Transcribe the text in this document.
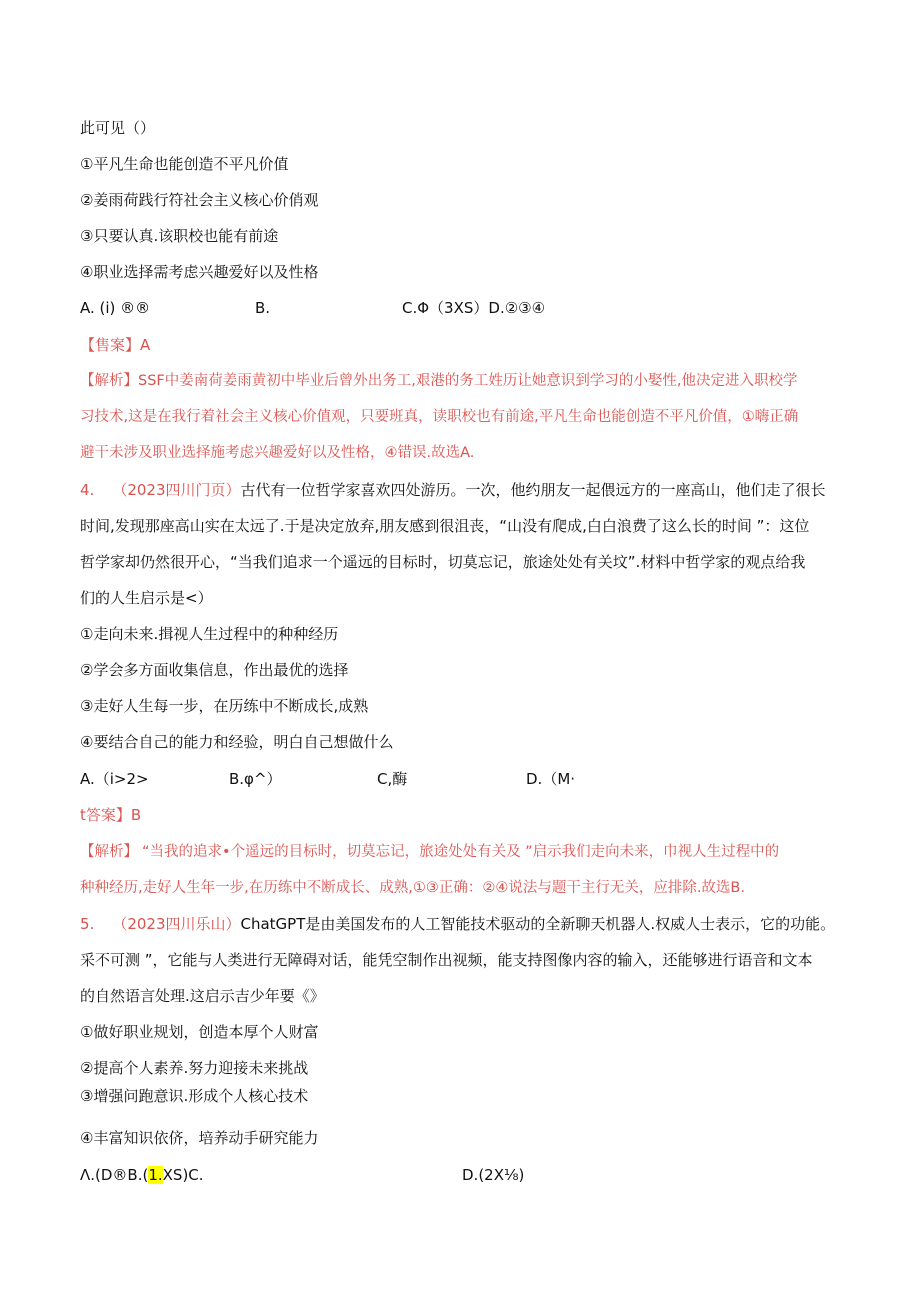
此可见（）
①平凡生命也能创造不平凡价值
②姜雨荷践行符社会主义核心价俏观
③只要认真.该职校也能有前途
④职业选择需考虑兴趣爱好以及性格
A. (i) ®®	B.	C.Φ（3XS）D.②③④
【售案】A
【解析】SSF中姜南荷姜雨黄初中毕业后曾外出务工,艰港的务工姓历让她意识到学习的小娶性,他决定进入职校学
习技术,这是在我行着社会主义核心价值观，只要班真，读职校也有前途,平凡生命也能创造不平凡价值，①嗨正确
避干未涉及职业选择施考虑兴趣爱好以及性格，④错误.故选A.
4. （2023四川门页）古代有一位哲学家喜欢四处游历。一次，他约朋友一起偎远方的一座高山，他们走了很长
时间,发现那座高山实在太远了.于是决定放弃,朋友感到很沮丧，“山没有爬成,白白浪费了这么长的时间 ”：这位
哲学家却仍然很开心，“当我们追求一个遥远的目标时，切莫忘记，旅途处处有关坟”.材料中哲学家的观点给我
们的人生启示是<）
①走向未来.揖视人生过程中的种种经历
②学会多方面收集信息，作出最优的选择
③走好人生每一步，在历练中不断成长,成熟
④要结合自己的能力和经验，明白自己想做什么
A.（i>2>	B.φ^）	C,酶	D.（M·
t答案】B
【解析】 “当我的追求•个遥远的目标时，切莫忘记，旅途处处有关及 ”启示我们走向未来，巾视人生过程中的
种种经历,走好人生年一步,在历练中不断成长、成熟,①③正确：②④说法与题干主行无关，应排除.故选B.
5. （2023四川乐山）ChatGPT是由美国发布的人工智能技术驱动的全新聊天机器人.权威人士表示，它的功能。
采不可测 ”，它能与人类进行无障碍对话，能凭空制作出视频，能支持图像内容的输入，还能够进行语音和文本
的自然语言处理.这启示吉少年要《》
①做好职业规划，创造本厚个人财富
②提高个人素养.努力迎接未来挑战
③增强问跑意识.形成个人核心技术
④丰富知识依侪，培养动手研究能力
Λ.(D®B.(1.XS)C.	D.(2X⅛)
